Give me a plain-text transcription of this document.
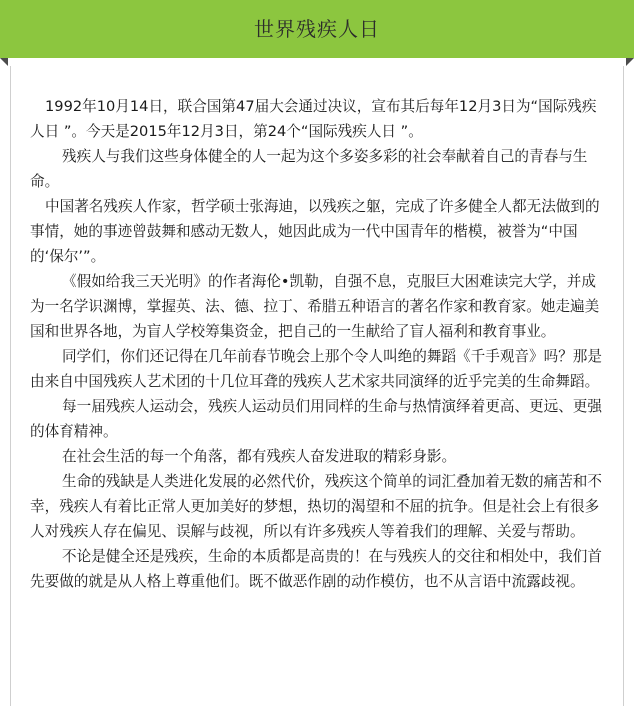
世界残疾人日

1992年10月14日，联合国第47届大会通过决议，宣布其后每年12月3日为“国际残疾人日 ”。今天是2015年12月3日，第24个“国际残疾人日 ”。

残疾人与我们这些身体健全的人一起为这个多姿多彩的社会奉献着自己的青春与生命。

中国著名残疾人作家，哲学硕士张海迪，以残疾之躯，完成了许多健全人都无法做到的事情，她的事迹曾鼓舞和感动无数人，她因此成为一代中国青年的楷模，被誉为“中国的‘保尔’”。

《假如给我三天光明》的作者海伦•凯勒，自强不息，克服巨大困难读完大学，并成为一名学识渊博，掌握英、法、德、拉丁、希腊五种语言的著名作家和教育家。她走遍美国和世界各地，为盲人学校筹集资金，把自己的一生献给了盲人福利和教育事业。

同学们，你们还记得在几年前春节晚会上那个令人叫绝的舞蹈《千手观音》吗？那是由来自中国残疾人艺术团的十几位耳聋的残疾人艺术家共同演绎的近乎完美的生命舞蹈。

每一届残疾人运动会，残疾人运动员们用同样的生命与热情演绎着更高、更远、更强的体育精神。

在社会生活的每一个角落，都有残疾人奋发进取的精彩身影。

生命的残缺是人类进化发展的必然代价，残疾这个简单的词汇叠加着无数的痛苦和不幸，残疾人有着比正常人更加美好的梦想，热切的渴望和不屈的抗争。但是社会上有很多人对残疾人存在偏见、误解与歧视，所以有许多残疾人等着我们的理解、关爱与帮助。

不论是健全还是残疾，生命的本质都是高贵的！在与残疾人的交往和相处中，我们首先要做的就是从人格上尊重他们。既不做恶作剧的动作模仿，也不从言语中流露歧视。
